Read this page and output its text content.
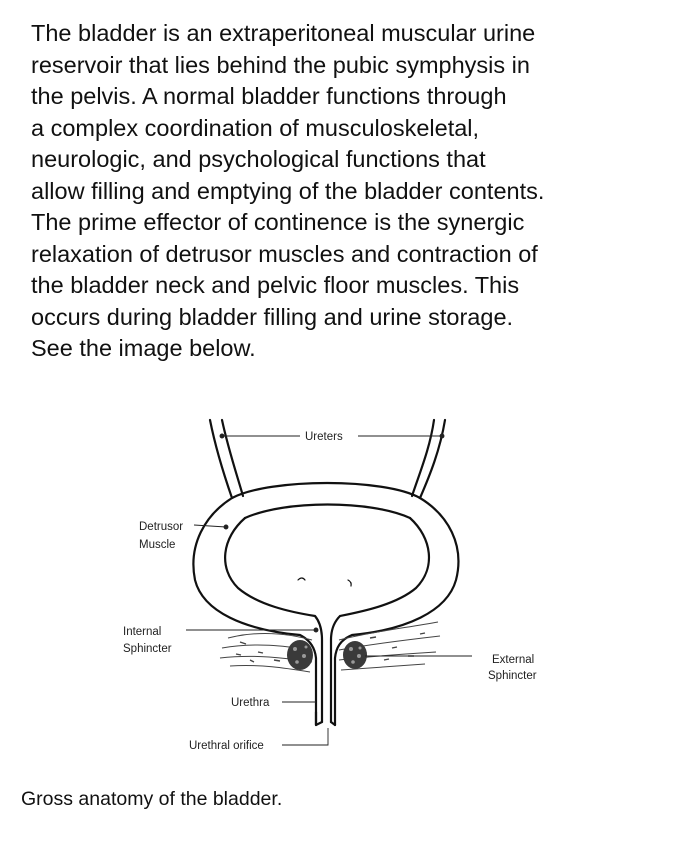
The bladder is an extraperitoneal muscular urine
reservoir that lies behind the pubic symphysis in
the pelvis. A normal bladder functions through
a complex coordination of musculoskeletal,
neurologic, and psychological functions that
allow filling and emptying of the bladder contents.
The prime effector of continence is the synergic
relaxation of detrusor muscles and contraction of
the bladder neck and pelvic floor muscles. This
occurs during bladder filling and urine storage.
See the image below.
Ureters
Detrusor
Muscle
Internal
Sphincter
External
Sphincter
Urethra
Urethral orifice

Gross anatomy of the bladder.
